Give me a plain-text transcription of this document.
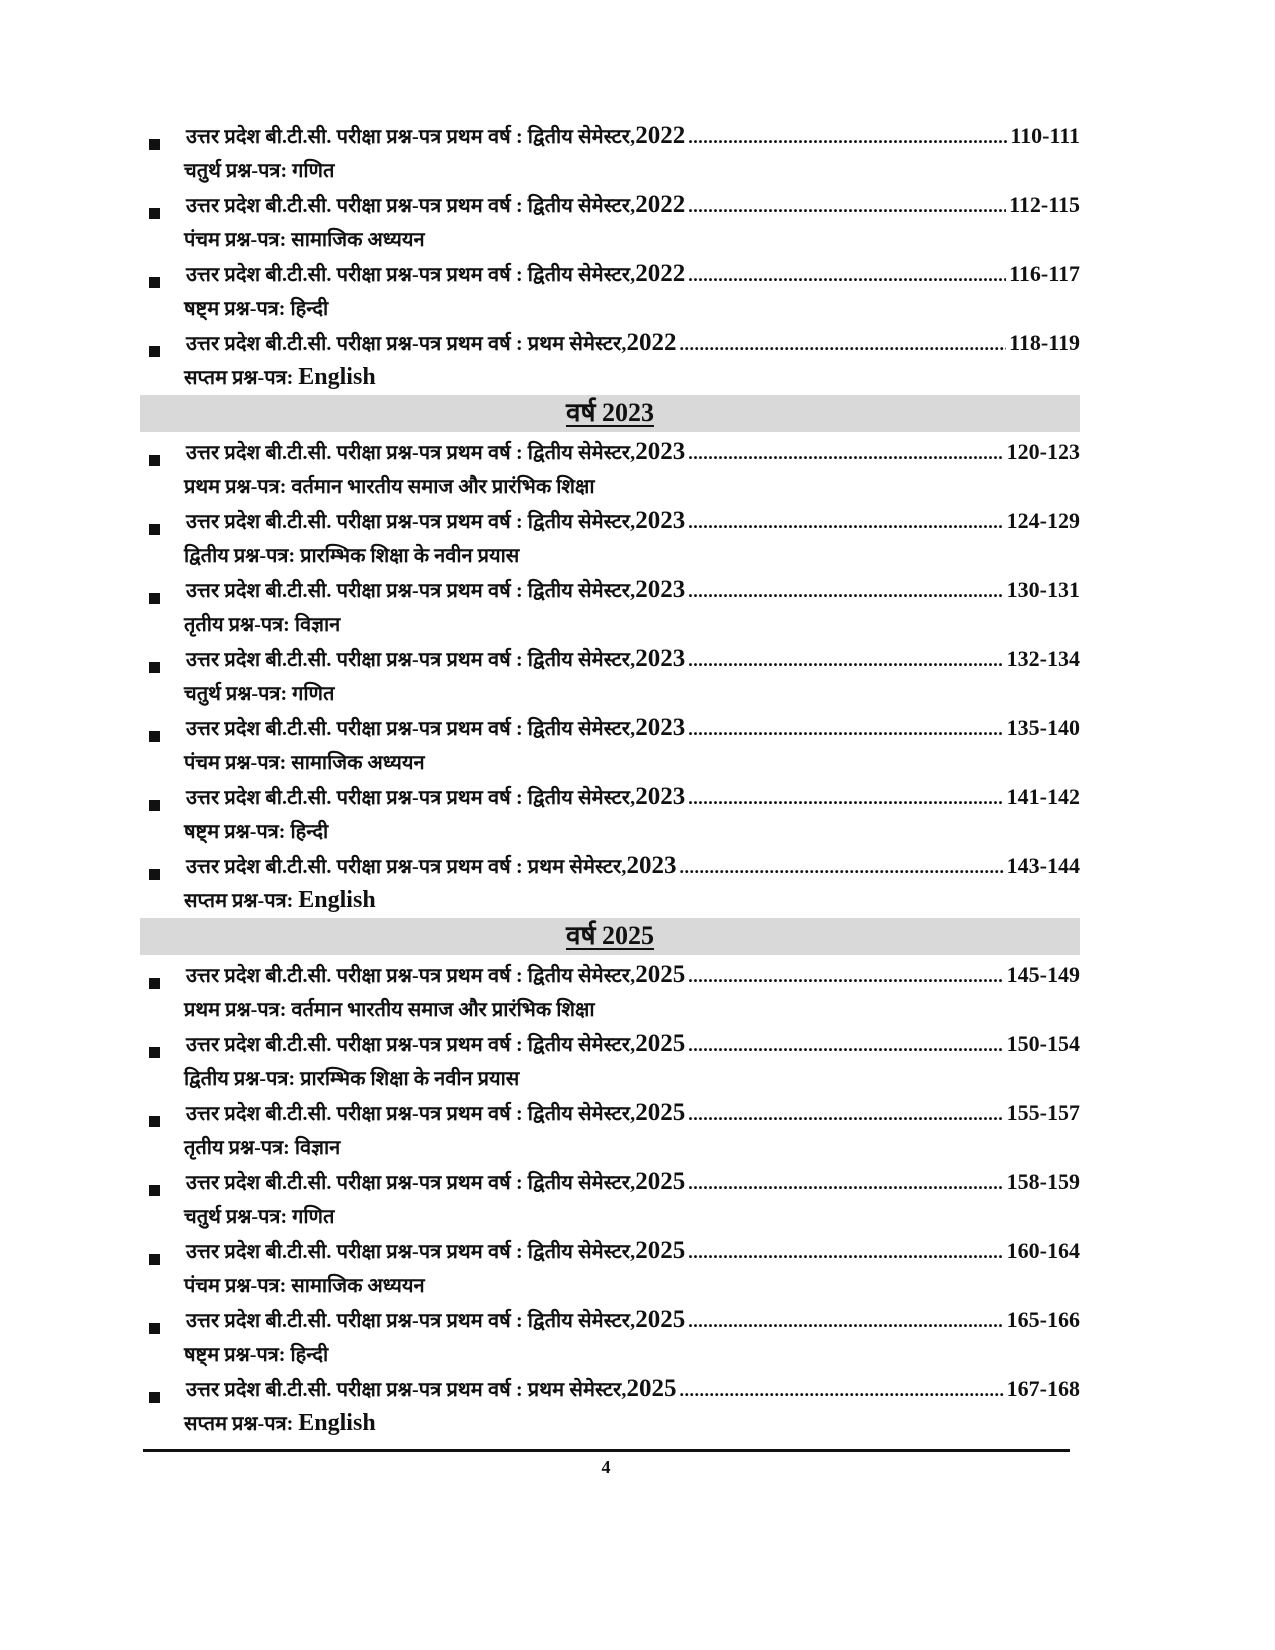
उत्तर प्रदेश बी.टी.सी. परीक्षा प्रश्न-पत्र प्रथम वर्ष : द्वितीय सेमेस्टर, 2022 .....	110-111
चतुर्थ प्रश्न-पत्र: गणित
उत्तर प्रदेश बी.टी.सी. परीक्षा प्रश्न-पत्र प्रथम वर्ष : द्वितीय सेमेस्टर, 2022 .....	112-115
पंचम प्रश्न-पत्र: सामाजिक अध्ययन
उत्तर प्रदेश बी.टी.सी. परीक्षा प्रश्न-पत्र प्रथम वर्ष : द्वितीय सेमेस्टर, 2022 .....	116-117
षष्ट्म प्रश्न-पत्र: हिन्दी
उत्तर प्रदेश बी.टी.सी. परीक्षा प्रश्न-पत्र प्रथम वर्ष : प्रथम सेमेस्टर, 2022 .....	118-119
सप्तम प्रश्न-पत्र: English
वर्ष 2023
उत्तर प्रदेश बी.टी.सी. परीक्षा प्रश्न-पत्र प्रथम वर्ष : द्वितीय सेमेस्टर, 2023 .....	120-123
प्रथम प्रश्न-पत्र: वर्तमान भारतीय समाज और प्रारंभिक शिक्षा
उत्तर प्रदेश बी.टी.सी. परीक्षा प्रश्न-पत्र प्रथम वर्ष : द्वितीय सेमेस्टर, 2023 .....	124-129
द्वितीय प्रश्न-पत्र: प्रारम्भिक शिक्षा के नवीन प्रयास
उत्तर प्रदेश बी.टी.सी. परीक्षा प्रश्न-पत्र प्रथम वर्ष : द्वितीय सेमेस्टर, 2023 .....	130-131
तृतीय प्रश्न-पत्र: विज्ञान
उत्तर प्रदेश बी.टी.सी. परीक्षा प्रश्न-पत्र प्रथम वर्ष : द्वितीय सेमेस्टर, 2023 .....	132-134
चतुर्थ प्रश्न-पत्र: गणित
उत्तर प्रदेश बी.टी.सी. परीक्षा प्रश्न-पत्र प्रथम वर्ष : द्वितीय सेमेस्टर, 2023 .....	135-140
पंचम प्रश्न-पत्र: सामाजिक अध्ययन
उत्तर प्रदेश बी.टी.सी. परीक्षा प्रश्न-पत्र प्रथम वर्ष : द्वितीय सेमेस्टर, 2023 .....	141-142
षष्ट्म प्रश्न-पत्र: हिन्दी
उत्तर प्रदेश बी.टी.सी. परीक्षा प्रश्न-पत्र प्रथम वर्ष : प्रथम सेमेस्टर, 2023 .....	143-144
सप्तम प्रश्न-पत्र: English
वर्ष 2025
उत्तर प्रदेश बी.टी.सी. परीक्षा प्रश्न-पत्र प्रथम वर्ष : द्वितीय सेमेस्टर, 2025 .....	145-149
प्रथम प्रश्न-पत्र: वर्तमान भारतीय समाज और प्रारंभिक शिक्षा
उत्तर प्रदेश बी.टी.सी. परीक्षा प्रश्न-पत्र प्रथम वर्ष : द्वितीय सेमेस्टर, 2025 .....	150-154
द्वितीय प्रश्न-पत्र: प्रारम्भिक शिक्षा के नवीन प्रयास
उत्तर प्रदेश बी.टी.सी. परीक्षा प्रश्न-पत्र प्रथम वर्ष : द्वितीय सेमेस्टर, 2025 .....	155-157
तृतीय प्रश्न-पत्र: विज्ञान
उत्तर प्रदेश बी.टी.सी. परीक्षा प्रश्न-पत्र प्रथम वर्ष : द्वितीय सेमेस्टर, 2025 .....	158-159
चतुर्थ प्रश्न-पत्र: गणित
उत्तर प्रदेश बी.टी.सी. परीक्षा प्रश्न-पत्र प्रथम वर्ष : द्वितीय सेमेस्टर, 2025 .....	160-164
पंचम प्रश्न-पत्र: सामाजिक अध्ययन
उत्तर प्रदेश बी.टी.सी. परीक्षा प्रश्न-पत्र प्रथम वर्ष : द्वितीय सेमेस्टर, 2025 .....	165-166
षष्ट्म प्रश्न-पत्र: हिन्दी
उत्तर प्रदेश बी.टी.सी. परीक्षा प्रश्न-पत्र प्रथम वर्ष : प्रथम सेमेस्टर, 2025 .....	167-168
सप्तम प्रश्न-पत्र: English
4
